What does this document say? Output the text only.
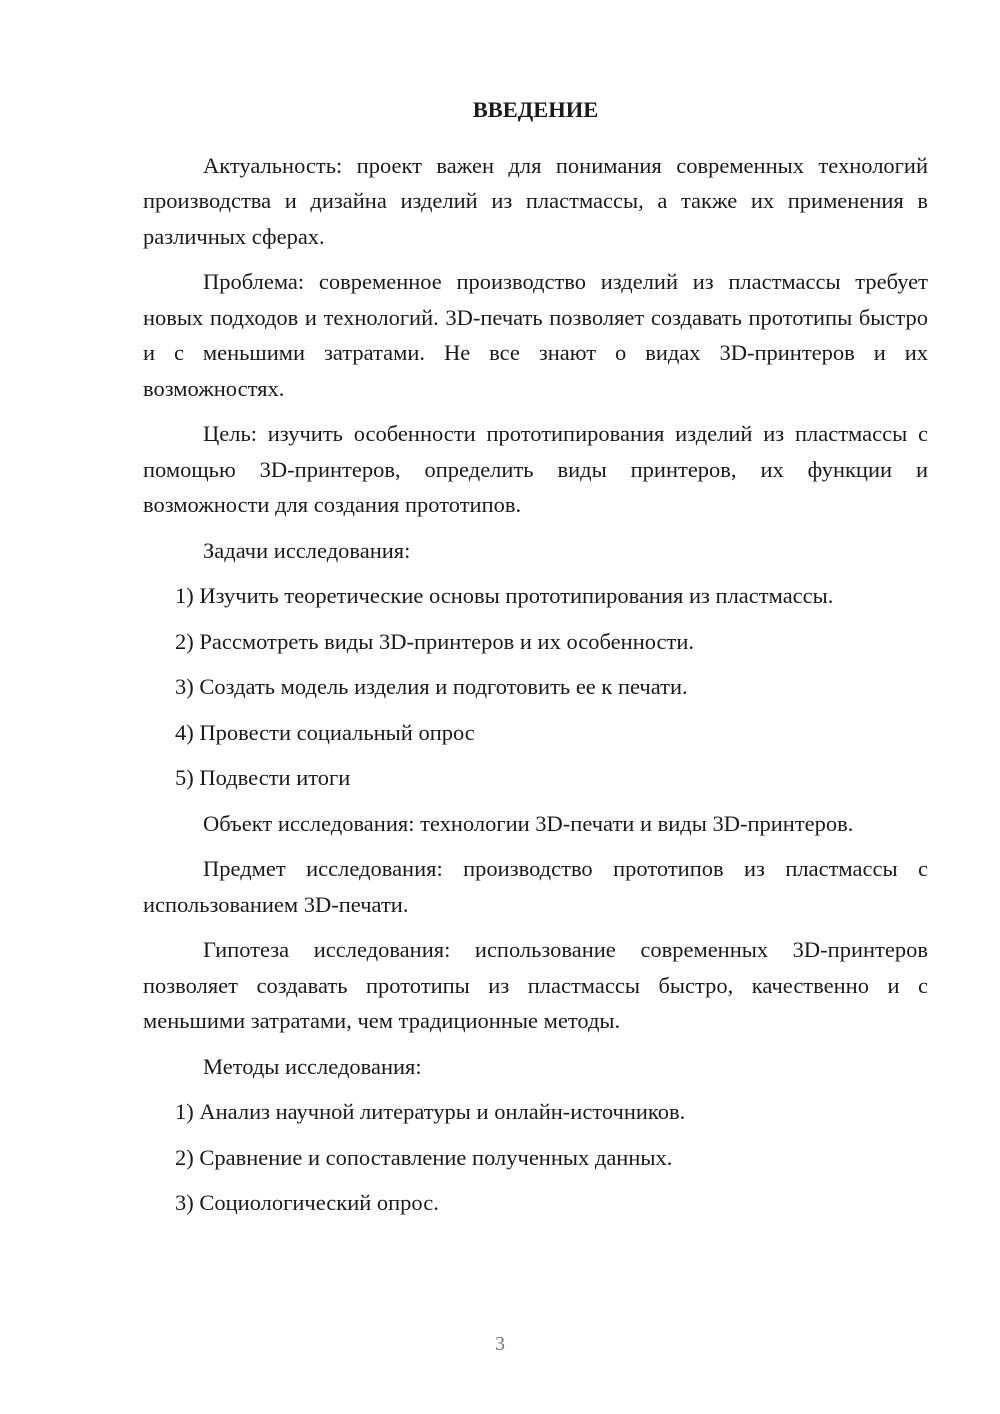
ВВЕДЕНИЕ

Актуальность: проект важен для понимания современных технологий производства и дизайна изделий из пластмассы, а также их применения в различных сферах.

Проблема: современное производство изделий из пластмассы требует новых подходов и технологий. 3D-печать позволяет создавать прототипы быстро и с меньшими затратами. Не все знают о видах 3D-принтеров и их возможностях.

Цель: изучить особенности прототипирования изделий из пластмассы с помощью 3D-принтеров, определить виды принтеров, их функции и возможности для создания прототипов.

Задачи исследования:

1) Изучить теоретические основы прототипирования из пластмассы.
2) Рассмотреть виды 3D-принтеров и их особенности.
3) Создать модель изделия и подготовить ее к печати.
4) Провести социальный опрос
5) Подвести итоги

Объект исследования: технологии 3D-печати и виды 3D-принтеров.

Предмет исследования: производство прототипов из пластмассы с использованием 3D-печати.

Гипотеза исследования: использование современных 3D-принтеров позволяет создавать прототипы из пластмассы быстро, качественно и с меньшими затратами, чем традиционные методы.

Методы исследования:

1) Анализ научной литературы и онлайн-источников.
2) Сравнение и сопоставление полученных данных.
3) Социологический опрос.
3
